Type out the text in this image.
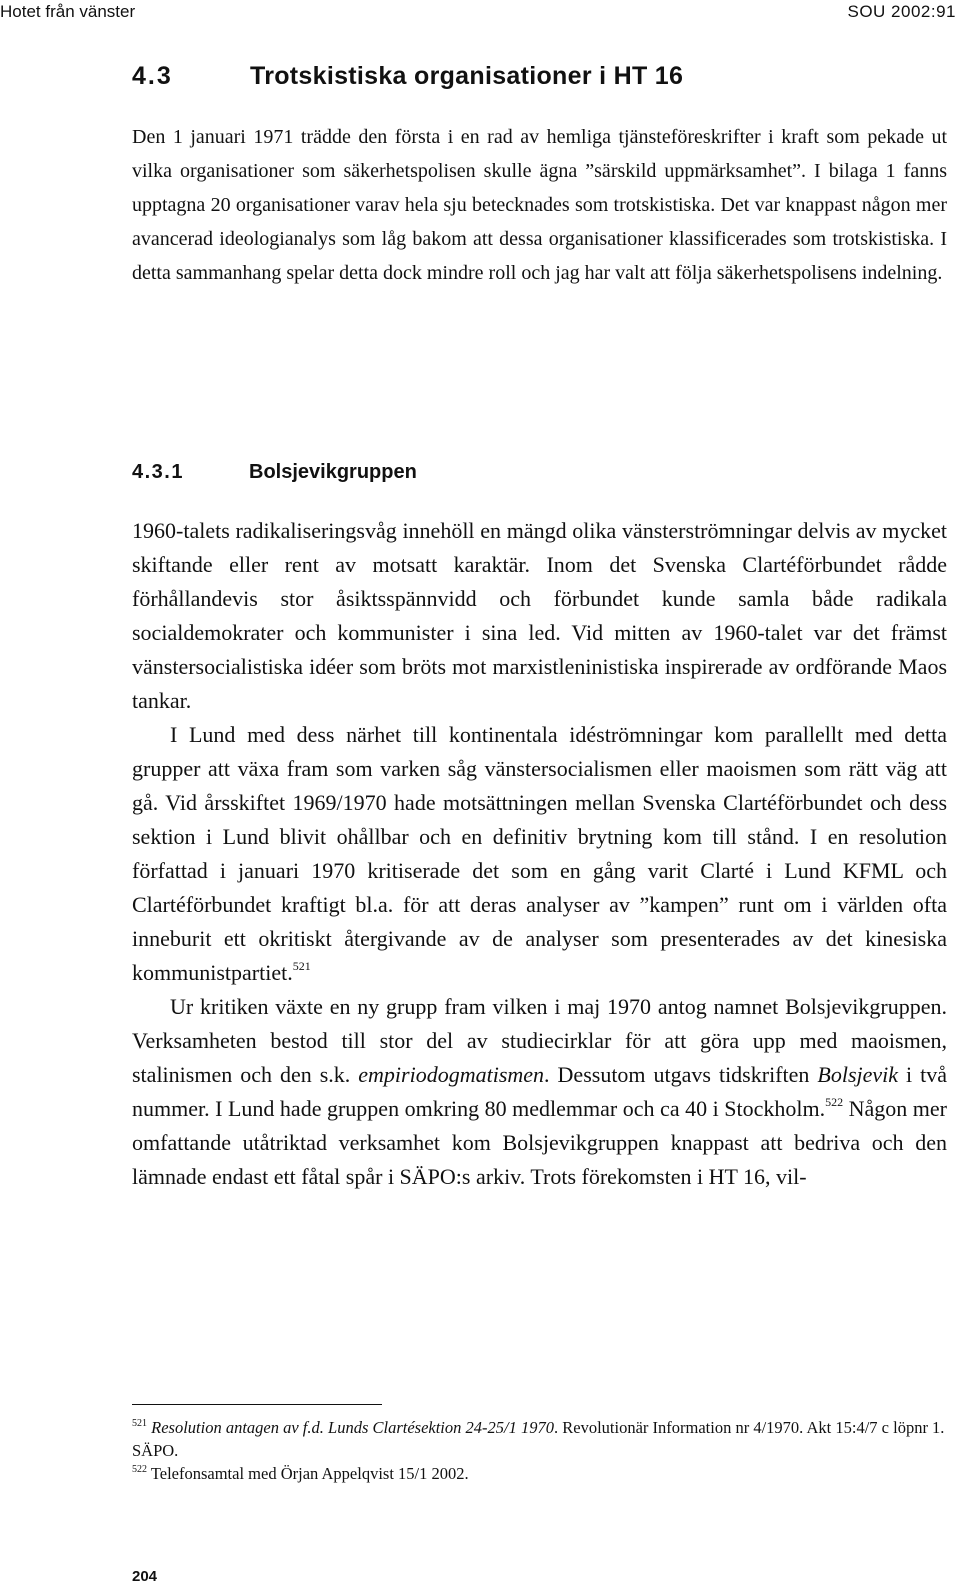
Hotet från vänster	SOU 2002:91
4.3	Trotskistiska organisationer i HT 16
Den 1 januari 1971 trädde den första i en rad av hemliga tjänsteföreskrifter i kraft som pekade ut vilka organisationer som säkerhetspolisen skulle ägna ”särskild uppmärksamhet”. I bilaga 1 fanns upptagna 20 organisationer varav hela sju betecknades som trotskistiska. Det var knappast någon mer avancerad ideologianalys som låg bakom att dessa organisationer klassificerades som trotskistiska. I detta sammanhang spelar detta dock mindre roll och jag har valt att följa säkerhetspolisens indelning.
4.3.1	Bolsjevikgruppen

1960-talets radikaliseringsvåg innehöll en mängd olika vänsterströmningar delvis av mycket skiftande eller rent av motsatt karaktär. Inom det Svenska Clartéförbundet rådde förhållandevis stor åsiktsspännvidd och förbundet kunde samla både radikala socialdemokrater och kommunister i sina led. Vid mitten av 1960-talet var det främst vänstersocialistiska idéer som bröts mot marxistleninistiska inspirerade av ordförande Maos tankar.

I Lund med dess närhet till kontinentala idéströmningar kom parallellt med detta grupper att växa fram som varken såg vänstersocialismen eller maoismen som rätt väg att gå. Vid årsskiftet 1969/1970 hade motsättningen mellan Svenska Clartéförbundet och dess sektion i Lund blivit ohållbar och en definitiv brytning kom till stånd. I en resolution författad i januari 1970 kritiserade det som en gång varit Clarté i Lund KFML och Clartéförbundet kraftigt bl.a. för att deras analyser av ”kampen” runt om i världen ofta inneburit ett okritiskt återgivande av de analyser som presenterades av det kinesiska kommunistpartiet.$^{521}$

Ur kritiken växte en ny grupp fram vilken i maj 1970 antog namnet Bolsjevikgruppen. Verksamheten bestod till stor del av studiecirklar för att göra upp med maoismen, stalinismen och den s.k. empiriodogmatismen. Dessutom utgavs tidskriften Bolsjevik i två nummer. I Lund hade gruppen omkring 80 medlemmar och ca 40 i Stockholm.$^{522}$ Någon mer omfattande utåtriktad verksamhet kom Bolsjevikgruppen knappast att bedriva och den lämnade endast ett fåtal spår i SÄPO:s arkiv. Trots förekomsten i HT 16, vil-

$^{521}$ Resolution antagen av f.d. Lunds Clartésektion 24-25/1 1970. Revolutionär Information nr 4/1970. Akt 15:4/7 c löpnr 1. SÄPO.

$^{522}$ Telefonsamtal med Örjan Appelqvist 15/1 2002.

204
